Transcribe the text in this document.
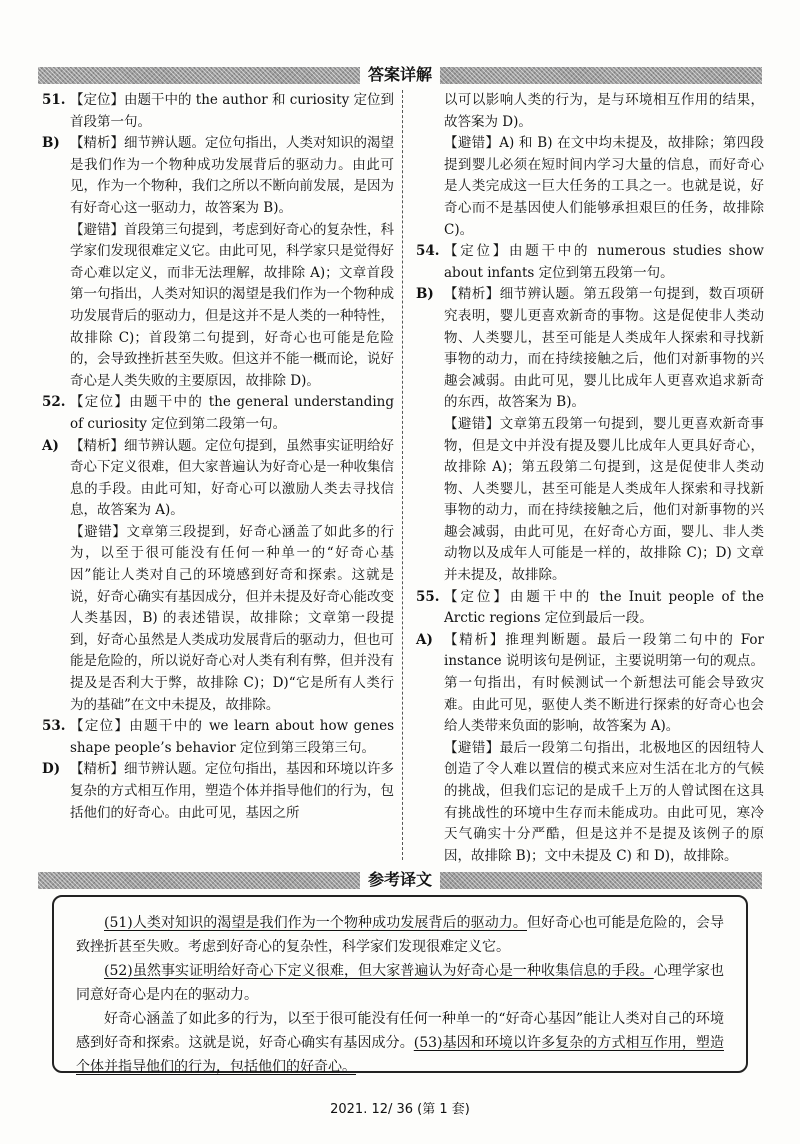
答案详解
51. 【定位】由题干中的 the author 和 curiosity 定位到首段第一句。
B) 【精析】细节辨认题。定位句指出，人类对知识的渴望是我们作为一个物种成功发展背后的驱动力。由此可见，作为一个物种，我们之所以不断向前发展，是因为有好奇心这一驱动力，故答案为 B)。
【避错】首段第三句提到，考虑到好奇心的复杂性，科学家们发现很难定义它。由此可见，科学家只是觉得好奇心难以定义，而非无法理解，故排除 A)；文章首段第一句指出，人类对知识的渴望是我们作为一个物种成功发展背后的驱动力，但是这并不是人类的一种特性，故排除 C)；首段第二句提到，好奇心也可能是危险的，会导致挫折甚至失败。但这并不能一概而论，说好奇心是人类失败的主要原因，故排除 D)。
52. 【定位】由题干中的 the general understanding of curiosity 定位到第二段第一句。
A) 【精析】细节辨认题。定位句提到，虽然事实证明给好奇心下定义很难，但大家普遍认为好奇心是一种收集信息的手段。由此可知，好奇心可以激励人类去寻找信息，故答案为 A)。
【避错】文章第三段提到，好奇心涵盖了如此多的行为，以至于很可能没有任何一种单一的“好奇心基因”能让人类对自己的环境感到好奇和探索。这就是说，好奇心确实有基因成分，但并未提及好奇心能改变人类基因，B) 的表述错误，故排除；文章第一段提到，好奇心虽然是人类成功发展背后的驱动力，但也可能是危险的，所以说好奇心对人类有利有弊，但并没有提及是否利大于弊，故排除 C)；D)“它是所有人类行为的基础”在文中未提及，故排除。
53. 【定位】由题干中的 we learn about how genes shape people’s behavior 定位到第三段第三句。
D) 【精析】细节辨认题。定位句指出，基因和环境以许多复杂的方式相互作用，塑造个体并指导他们的行为，包括他们的好奇心。由此可见，基因之所
以可以影响人类的行为，是与环境相互作用的结果，故答案为 D)。
【避错】A) 和 B) 在文中均未提及，故排除；第四段提到婴儿必须在短时间内学习大量的信息，而好奇心是人类完成这一巨大任务的工具之一。也就是说，好奇心而不是基因使人们能够承担艰巨的任务，故排除 C)。
54. 【定位】由题干中的 numerous studies show about infants 定位到第五段第一句。
B) 【精析】细节辨认题。第五段第一句提到，数百项研究表明，婴儿更喜欢新奇的事物。这是促使非人类动物、人类婴儿，甚至可能是人类成年人探索和寻找新事物的动力，而在持续接触之后，他们对新事物的兴趣会减弱。由此可见，婴儿比成年人更喜欢追求新奇的东西，故答案为 B)。
【避错】文章第五段第一句提到，婴儿更喜欢新奇事物，但是文中并没有提及婴儿比成年人更具好奇心，故排除 A)；第五段第二句提到，这是促使非人类动物、人类婴儿，甚至可能是人类成年人探索和寻找新事物的动力，而在持续接触之后，他们对新事物的兴趣会减弱，由此可见，在好奇心方面，婴儿、非人类动物以及成年人可能是一样的，故排除 C)；D) 文章并未提及，故排除。
55. 【定位】由题干中的 the Inuit people of the Arctic regions 定位到最后一段。
A) 【精析】推理判断题。最后一段第二句中的 For instance 说明该句是例证，主要说明第一句的观点。第一句指出，有时候测试一个新想法可能会导致灾难。由此可见，驱使人类不断进行探索的好奇心也会给人类带来负面的影响，故答案为 A)。
【避错】最后一段第二句指出，北极地区的因纽特人创造了令人难以置信的模式来应对生活在北方的气候的挑战，但我们忘记的是成千上万的人曾试图在这具有挑战性的环境中生存而未能成功。由此可见，寒冷天气确实十分严酷，但是这并不是提及该例子的原因，故排除 B)；文中未提及 C) 和 D)，故排除。
参考译文

(51)人类对知识的渴望是我们作为一个物种成功发展背后的驱动力。但好奇心也可能是危险的，会导致挫折甚至失败。考虑到好奇心的复杂性，科学家们发现很难定义它。

(52)虽然事实证明给好奇心下定义很难，但大家普遍认为好奇心是一种收集信息的手段。心理学家也同意好奇心是内在的驱动力。

好奇心涵盖了如此多的行为，以至于很可能没有任何一种单一的“好奇心基因”能让人类对自己的环境感到好奇和探索。这就是说，好奇心确实有基因成分。(53)基因和环境以许多复杂的方式相互作用，塑造个体并指导他们的行为，包括他们的好奇心。

2021. 12/ 36 (第 1 套)
